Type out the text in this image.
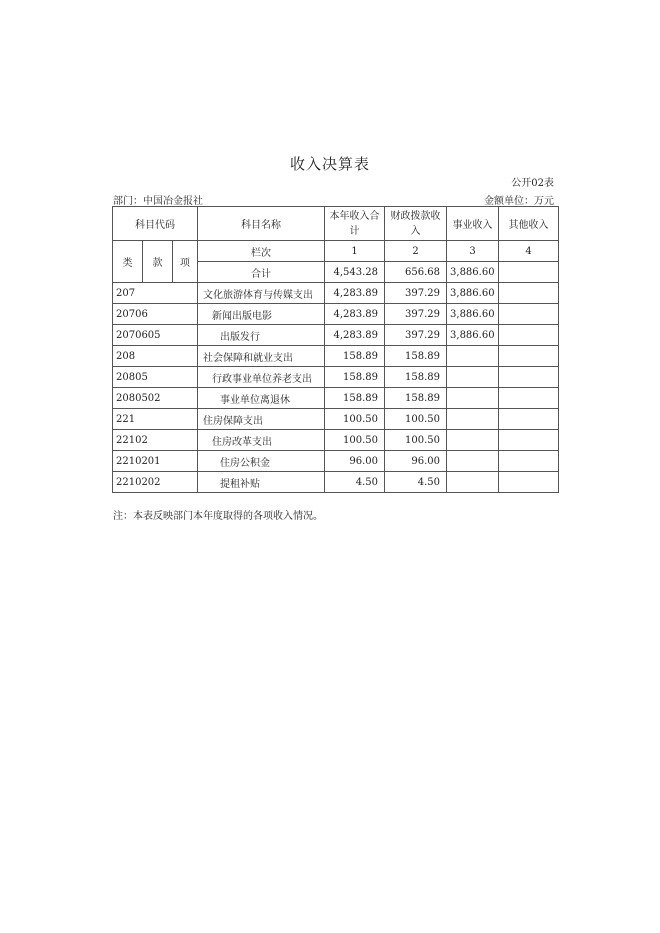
收入决算表
公开02表
部门：中国冶金报社	金额单位：万元
科目代码			科目名称	本年收入合计	财政拨款收入	事业收入	其他收入
类	款	项	栏次	1	2	3	4
			合计	4,543.28	656.68	3,886.60	
207			文化旅游体育与传媒支出	4,283.89	397.29	3,886.60	
20706			新闻出版电影	4,283.89	397.29	3,886.60	
2070605			出版发行	4,283.89	397.29	3,886.60	
208			社会保障和就业支出	158.89	158.89		
20805			行政事业单位养老支出	158.89	158.89		
2080502			事业单位离退休	158.89	158.89		
221			住房保障支出	100.50	100.50		
22102			住房改革支出	100.50	100.50		
2210201			住房公积金	96.00	96.00		
2210202			提租补贴	4.50	4.50		
注：本表反映部门本年度取得的各项收入情况。
